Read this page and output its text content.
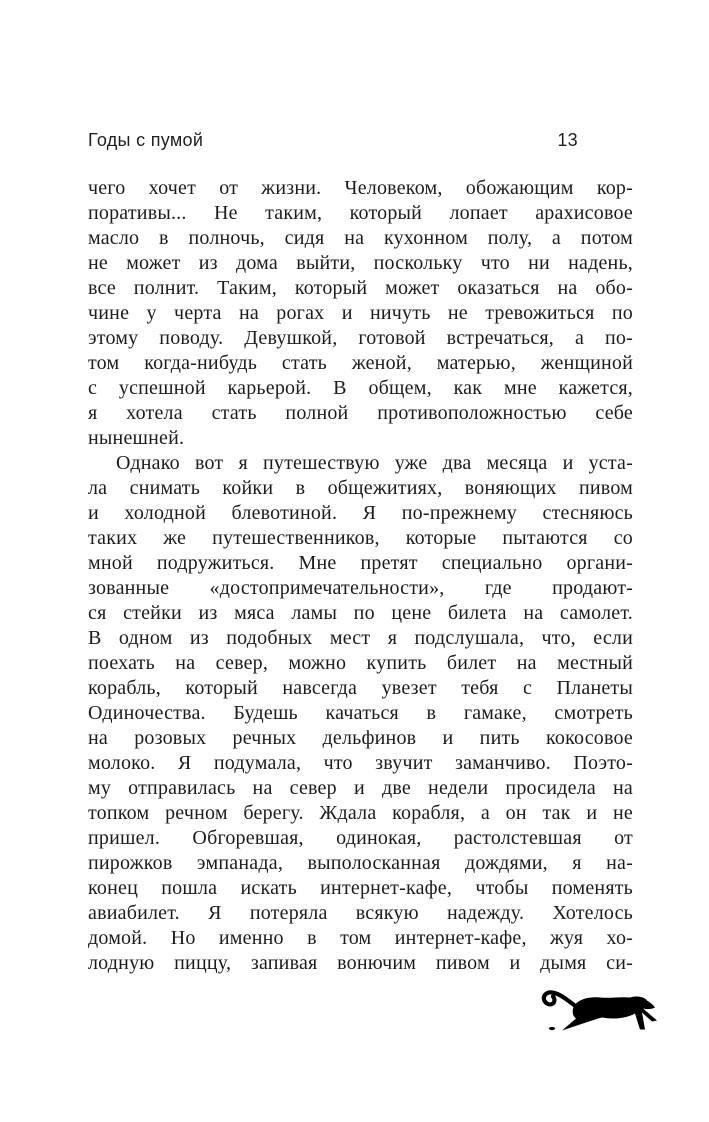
Годы с пумой	13
чего хочет от жизни. Человеком, обожающим кор-
поративы... Не таким, который лопает арахисовое
масло в полночь, сидя на кухонном полу, а потом
не может из дома выйти, поскольку что ни надень,
все полнит. Таким, который может оказаться на обо-
чине у черта на рогах и ничуть не тревожиться по
этому поводу. Девушкой, готовой встречаться, а по-
том когда-нибудь стать женой, матерью, женщиной
с успешной карьерой. В общем, как мне кажется,
я хотела стать полной противоположностью себе
нынешней.
Однако вот я путешествую уже два месяца и уста-
ла снимать койки в общежитиях, воняющих пивом
и холодной блевотиной. Я по-прежнему стесняюсь
таких же путешественников, которые пытаются со
мной подружиться. Мне претят специально органи-
зованные «достопримечательности», где продают-
ся стейки из мяса ламы по цене билета на самолет.
В одном из подобных мест я подслушала, что, если
поехать на север, можно купить билет на местный
корабль, который навсегда увезет тебя с Планеты
Одиночества. Будешь качаться в гамаке, смотреть
на розовых речных дельфинов и пить кокосовое
молоко. Я подумала, что звучит заманчиво. Поэто-
му отправилась на север и две недели просидела на
топком речном берегу. Ждала корабля, а он так и не
пришел. Обгоревшая, одинокая, растолстевшая от
пирожков эмпанада, выполосканная дождями, я на-
конец пошла искать интернет-кафе, чтобы поменять
авиабилет. Я потеряла всякую надежду. Хотелось
домой. Но именно в том интернет-кафе, жуя хо-
лодную пиццу, запивая вонючим пивом и дымя си-
